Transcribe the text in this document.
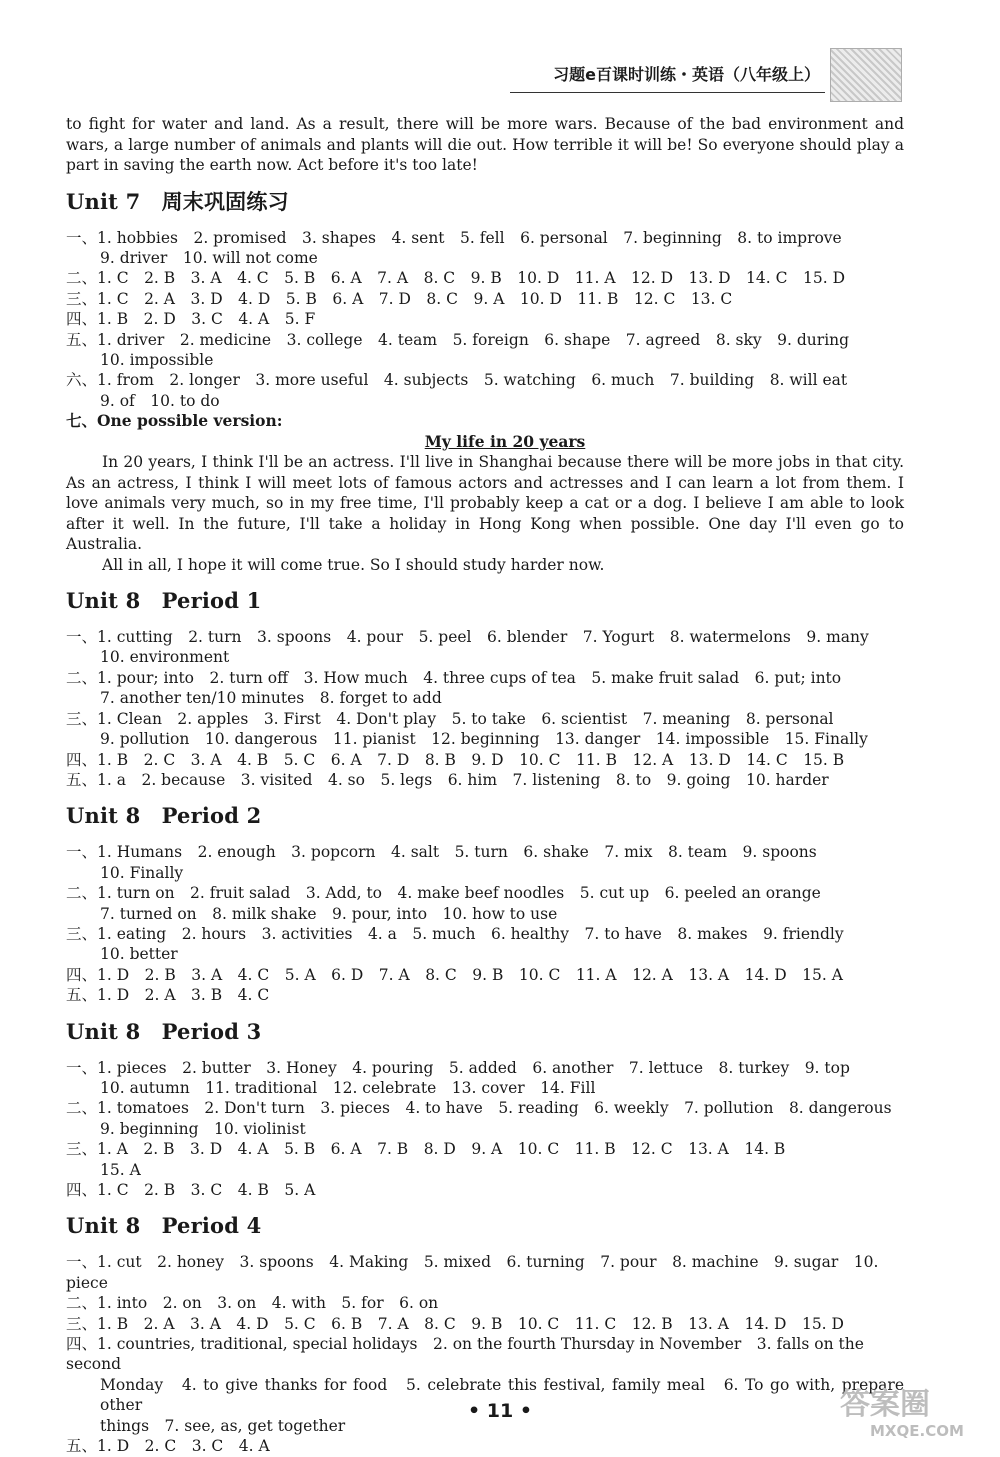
习题e百课时训练・英语（八年级上）

to fight for water and land. As a result, there will be more wars. Because of the bad environment and wars, a large number of animals and plants will die out. How terrible it will be! So everyone should play a part in saving the earth now. Act before it's too late!

Unit 7　周末巩固练习

一、1. hobbies　2. promised　3. shapes　4. sent　5. fell　6. personal　7. beginning　8. to improve

9. driver　10. will not come

二、1. C　2. B　3. A　4. C　5. B　6. A　7. A　8. C　9. B　10. D　11. A　12. D　13. D　14. C　15. D

三、1. C　2. A　3. D　4. D　5. B　6. A　7. D　8. C　9. A　10. D　11. B　12. C　13. C

四、1. B　2. D　3. C　4. A　5. F

五、1. driver　2. medicine　3. college　4. team　5. foreign　6. shape　7. agreed　8. sky　9. during

10. impossible

六、1. from　2. longer　3. more useful　4. subjects　5. watching　6. much　7. building　8. will eat

9. of　10. to do

七、One possible version:

My life in 20 years

In 20 years, I think I'll be an actress. I'll live in Shanghai because there will be more jobs in that city. As an actress, I think I will meet lots of famous actors and actresses and I can learn a lot from them. I love animals very much, so in my free time, I'll probably keep a cat or a dog. I believe I am able to look after it well. In the future, I'll take a holiday in Hong Kong when possible. One day I'll even go to Australia.

All in all, I hope it will come true. So I should study harder now.

Unit 8　Period 1

一、1. cutting　2. turn　3. spoons　4. pour　5. peel　6. blender　7. Yogurt　8. watermelons　9. many

10. environment

二、1. pour; into　2. turn off　3. How much　4. three cups of tea　5. make fruit salad　6. put; into

7. another ten/10 minutes　8. forget to add

三、1. Clean　2. apples　3. First　4. Don't play　5. to take　6. scientist　7. meaning　8. personal

9. pollution　10. dangerous　11. pianist　12. beginning　13. danger　14. impossible　15. Finally

四、1. B　2. C　3. A　4. B　5. C　6. A　7. D　8. B　9. D　10. C　11. B　12. A　13. D　14. C　15. B

五、1. a　2. because　3. visited　4. so　5. legs　6. him　7. listening　8. to　9. going　10. harder

Unit 8　Period 2

一、1. Humans　2. enough　3. popcorn　4. salt　5. turn　6. shake　7. mix　8. team　9. spoons

10. Finally

二、1. turn on　2. fruit salad　3. Add, to　4. make beef noodles　5. cut up　6. peeled an orange

7. turned on　8. milk shake　9. pour, into　10. how to use

三、1. eating　2. hours　3. activities　4. a　5. much　6. healthy　7. to have　8. makes　9. friendly

10. better

四、1. D　2. B　3. A　4. C　5. A　6. D　7. A　8. C　9. B　10. C　11. A　12. A　13. A　14. D　15. A

五、1. D　2. A　3. B　4. C

Unit 8　Period 3

一、1. pieces　2. butter　3. Honey　4. pouring　5. added　6. another　7. lettuce　8. turkey　9. top

10. autumn　11. traditional　12. celebrate　13. cover　14. Fill

二、1. tomatoes　2. Don't turn　3. pieces　4. to have　5. reading　6. weekly　7. pollution　8. dangerous

9. beginning　10. violinist

三、1. A　2. B　3. D　4. A　5. B　6. A　7. B　8. D　9. A　10. C　11. B　12. C　13. A　14. B

15. A

四、1. C　2. B　3. C　4. B　5. A

Unit 8　Period 4

一、1. cut　2. honey　3. spoons　4. Making　5. mixed　6. turning　7. pour　8. machine　9. sugar　10. piece

二、1. into　2. on　3. on　4. with　5. for　6. on

三、1. B　2. A　3. A　4. D　5. C　6. B　7. A　8. C　9. B　10. C　11. C　12. B　13. A　14. D　15. D

四、1. countries, traditional, special holidays　2. on the fourth Thursday in November　3. falls on the second

Monday　4. to give thanks for food　5. celebrate this festival, family meal　6. To go with, prepare other

things　7. see, as, get together

五、1. D　2. C　3. C　4. A

• 11 •	答案圈
MXQE.COM
